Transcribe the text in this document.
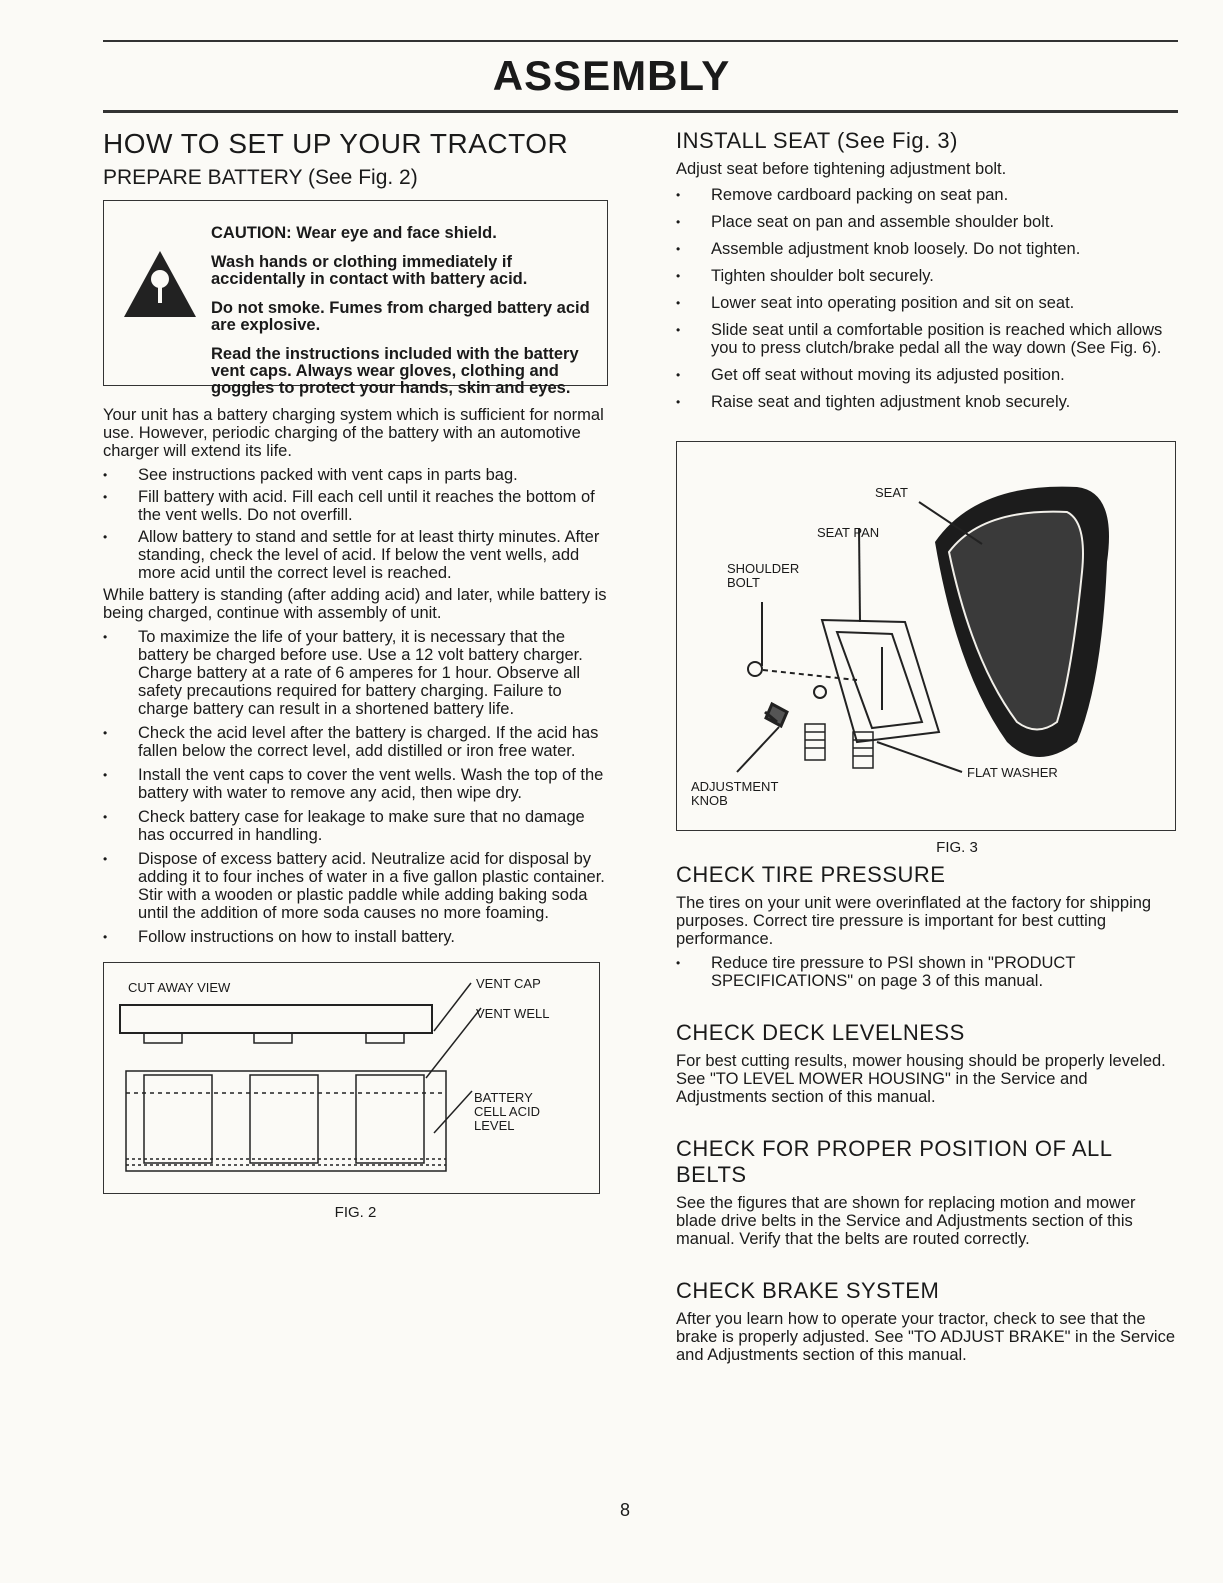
ASSEMBLY
HOW TO SET UP YOUR TRACTOR
PREPARE BATTERY (See Fig. 2)

CAUTION: Wear eye and face shield.

Wash hands or clothing immediately if accidentally in contact with battery acid.

Do not smoke. Fumes from charged battery acid are explosive.

Read the instructions included with the battery vent caps. Always wear gloves, clothing and goggles to protect your hands, skin and eyes.

Your unit has a battery charging system which is sufficient for normal use. However, periodic charging of the battery with an automotive charger will extend its life.

• See instructions packed with vent caps in parts bag.
• Fill battery with acid. Fill each cell until it reaches the bottom of the vent wells. Do not overfill.
• Allow battery to stand and settle for at least thirty minutes. After standing, check the level of acid. If below the vent wells, add more acid until the correct level is reached.

While battery is standing (after adding acid) and later, while battery is being charged, continue with assembly of unit.

• To maximize the life of your battery, it is necessary that the battery be charged before use. Use a 12 volt battery charger. Charge battery at a rate of 6 amperes for 1 hour. Observe all safety precautions required for battery charging. Failure to charge battery can result in a shortened battery life.
• Check the acid level after the battery is charged. If the acid has fallen below the correct level, add distilled or iron free water.
• Install the vent caps to cover the vent wells. Wash the top of the battery with water to remove any acid, then wipe dry.
• Check battery case for leakage to make sure that no damage has occurred in handling.
• Dispose of excess battery acid. Neutralize acid for disposal by adding it to four inches of water in a five gallon plastic container. Stir with a wooden or plastic paddle while adding baking soda until the addition of more soda causes no more foaming.
• Follow instructions on how to install battery.
CUT AWAY VIEW	VENT CAP
VENT WELL
BATTERY
CELL ACID
LEVEL
FIG. 2
INSTALL SEAT (See Fig. 3)

Adjust seat before tightening adjustment bolt.

• Remove cardboard packing on seat pan.
• Place seat on pan and assemble shoulder bolt.
• Assemble adjustment knob loosely. Do not tighten.
• Tighten shoulder bolt securely.
• Lower seat into operating position and sit on seat.
• Slide seat until a comfortable position is reached which allows you to press clutch/brake pedal all the way down (See Fig. 6).
• Get off seat without moving its adjusted position.
• Raise seat and tighten adjustment knob securely.
SEAT
SEAT PAN
SHOULDER
BOLT
FLAT WASHER
ADJUSTMENT
KNOB
FIG. 3
CHECK TIRE PRESSURE

The tires on your unit were overinflated at the factory for shipping purposes. Correct tire pressure is important for best cutting performance.

• Reduce tire pressure to PSI shown in "PRODUCT SPECIFICATIONS" on page 3 of this manual.
CHECK DECK LEVELNESS

For best cutting results, mower housing should be properly leveled. See "TO LEVEL MOWER HOUSING" in the Service and Adjustments section of this manual.

CHECK FOR PROPER POSITION OF ALL BELTS

See the figures that are shown for replacing motion and mower blade drive belts in the Service and Adjustments section of this manual. Verify that the belts are routed correctly.

CHECK BRAKE SYSTEM

After you learn how to operate your tractor, check to see that the brake is properly adjusted. See "TO ADJUST BRAKE" in the Service and Adjustments section of this manual.

8
